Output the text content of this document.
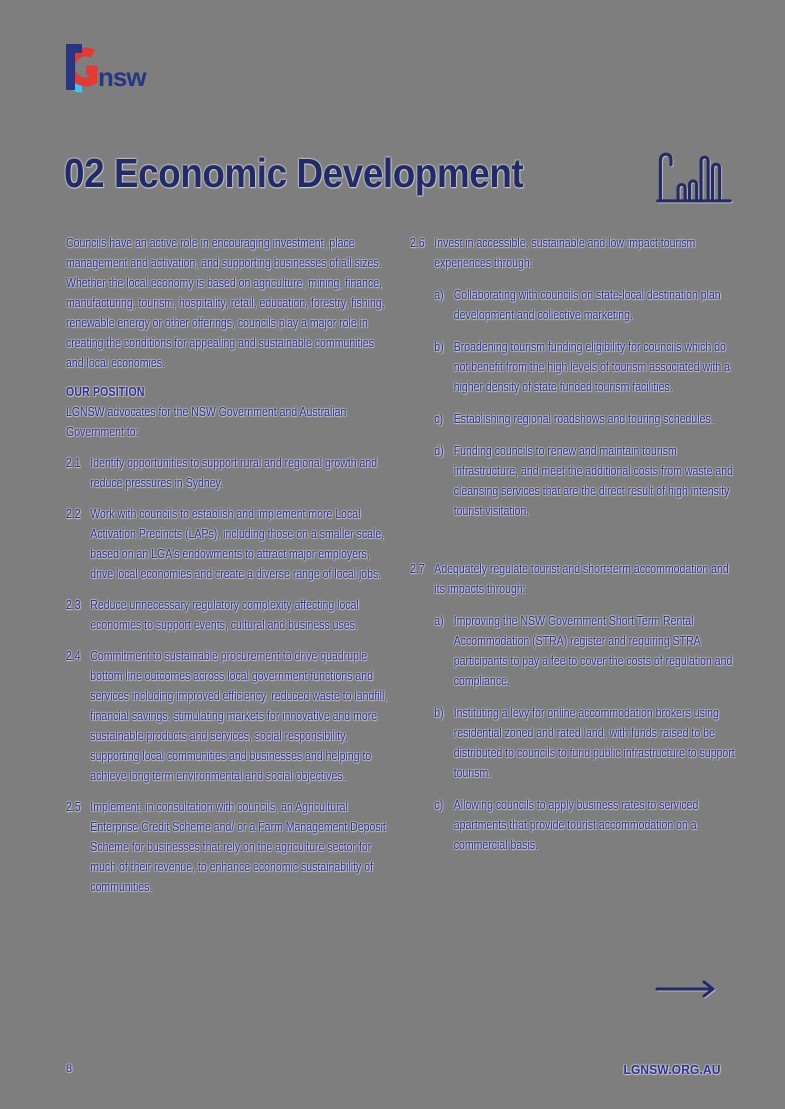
nsw
02 Economic Development

Councils have an active role in encouraging investment, place management and activation, and supporting businesses of all sizes. Whether the local economy is based on agriculture, mining, finance, manufacturing, tourism, hospitality, retail, education, forestry, fishing, renewable energy or other offerings, councils play a major role in creating the conditions for appealing and sustainable communities and local economies.

OUR POSITION

LGNSW advocates for the NSW Government and Australian Government to:

2.1 Identify opportunities to support rural and regional growth and reduce pressures in Sydney.
2.2 Work with councils to establish and implement more Local Activation Precincts (LAPs), including those on a smaller scale, based on an LGA's endowments to attract major employers, drive local economies and create a diverse range of local jobs.
2.3 Reduce unnecessary regulatory complexity affecting local economies to support events, cultural and business uses.
2.4 Commitment to sustainable procurement to drive quadruple bottom line outcomes across local government functions and services including improved efficiency, reduced waste to landfill, financial savings, stimulating markets for innovative and more sustainable products and services, social responsibility, supporting local communities and businesses and helping to achieve long term environmental and social objectives.
2.5 Implement, in consultation with councils, an Agricultural Enterprise Credit Scheme and/ or a Farm Management Deposit Scheme for businesses that rely on the agriculture sector for much of their revenue, to enhance economic sustainability of communities.
2.6 Invest in accessible, sustainable and low impact tourism experiences through:

a) Collaborating with councils on state-local destination plan development and collective marketing.
b) Broadening tourism funding eligibility for councils which do not benefit from the high levels of tourism associated with a higher density of state funded tourism facilities.
c) Establishing regional roadshows and touring schedules.
d) Funding councils to renew and maintain tourism infrastructure, and meet the additional costs from waste and cleansing services that are the direct result of high intensity tourist visitation.
2.7 Adequately regulate tourist and short-term accommodation and its impacts through:

a) Improving the NSW Government Short Term Rental Accommodation (STRA) register and requiring STRA participants to pay a fee to cover the costs of regulation and compliance.
b) Instituting a levy for online accommodation brokers using residential zoned and rated land, with funds raised to be distributed to councils to fund public infrastructure to support tourism.
c) Allowing councils to apply business rates to serviced apartments that provide tourist accommodation on a commercial basis.
8	LGNSW.ORG.AU
